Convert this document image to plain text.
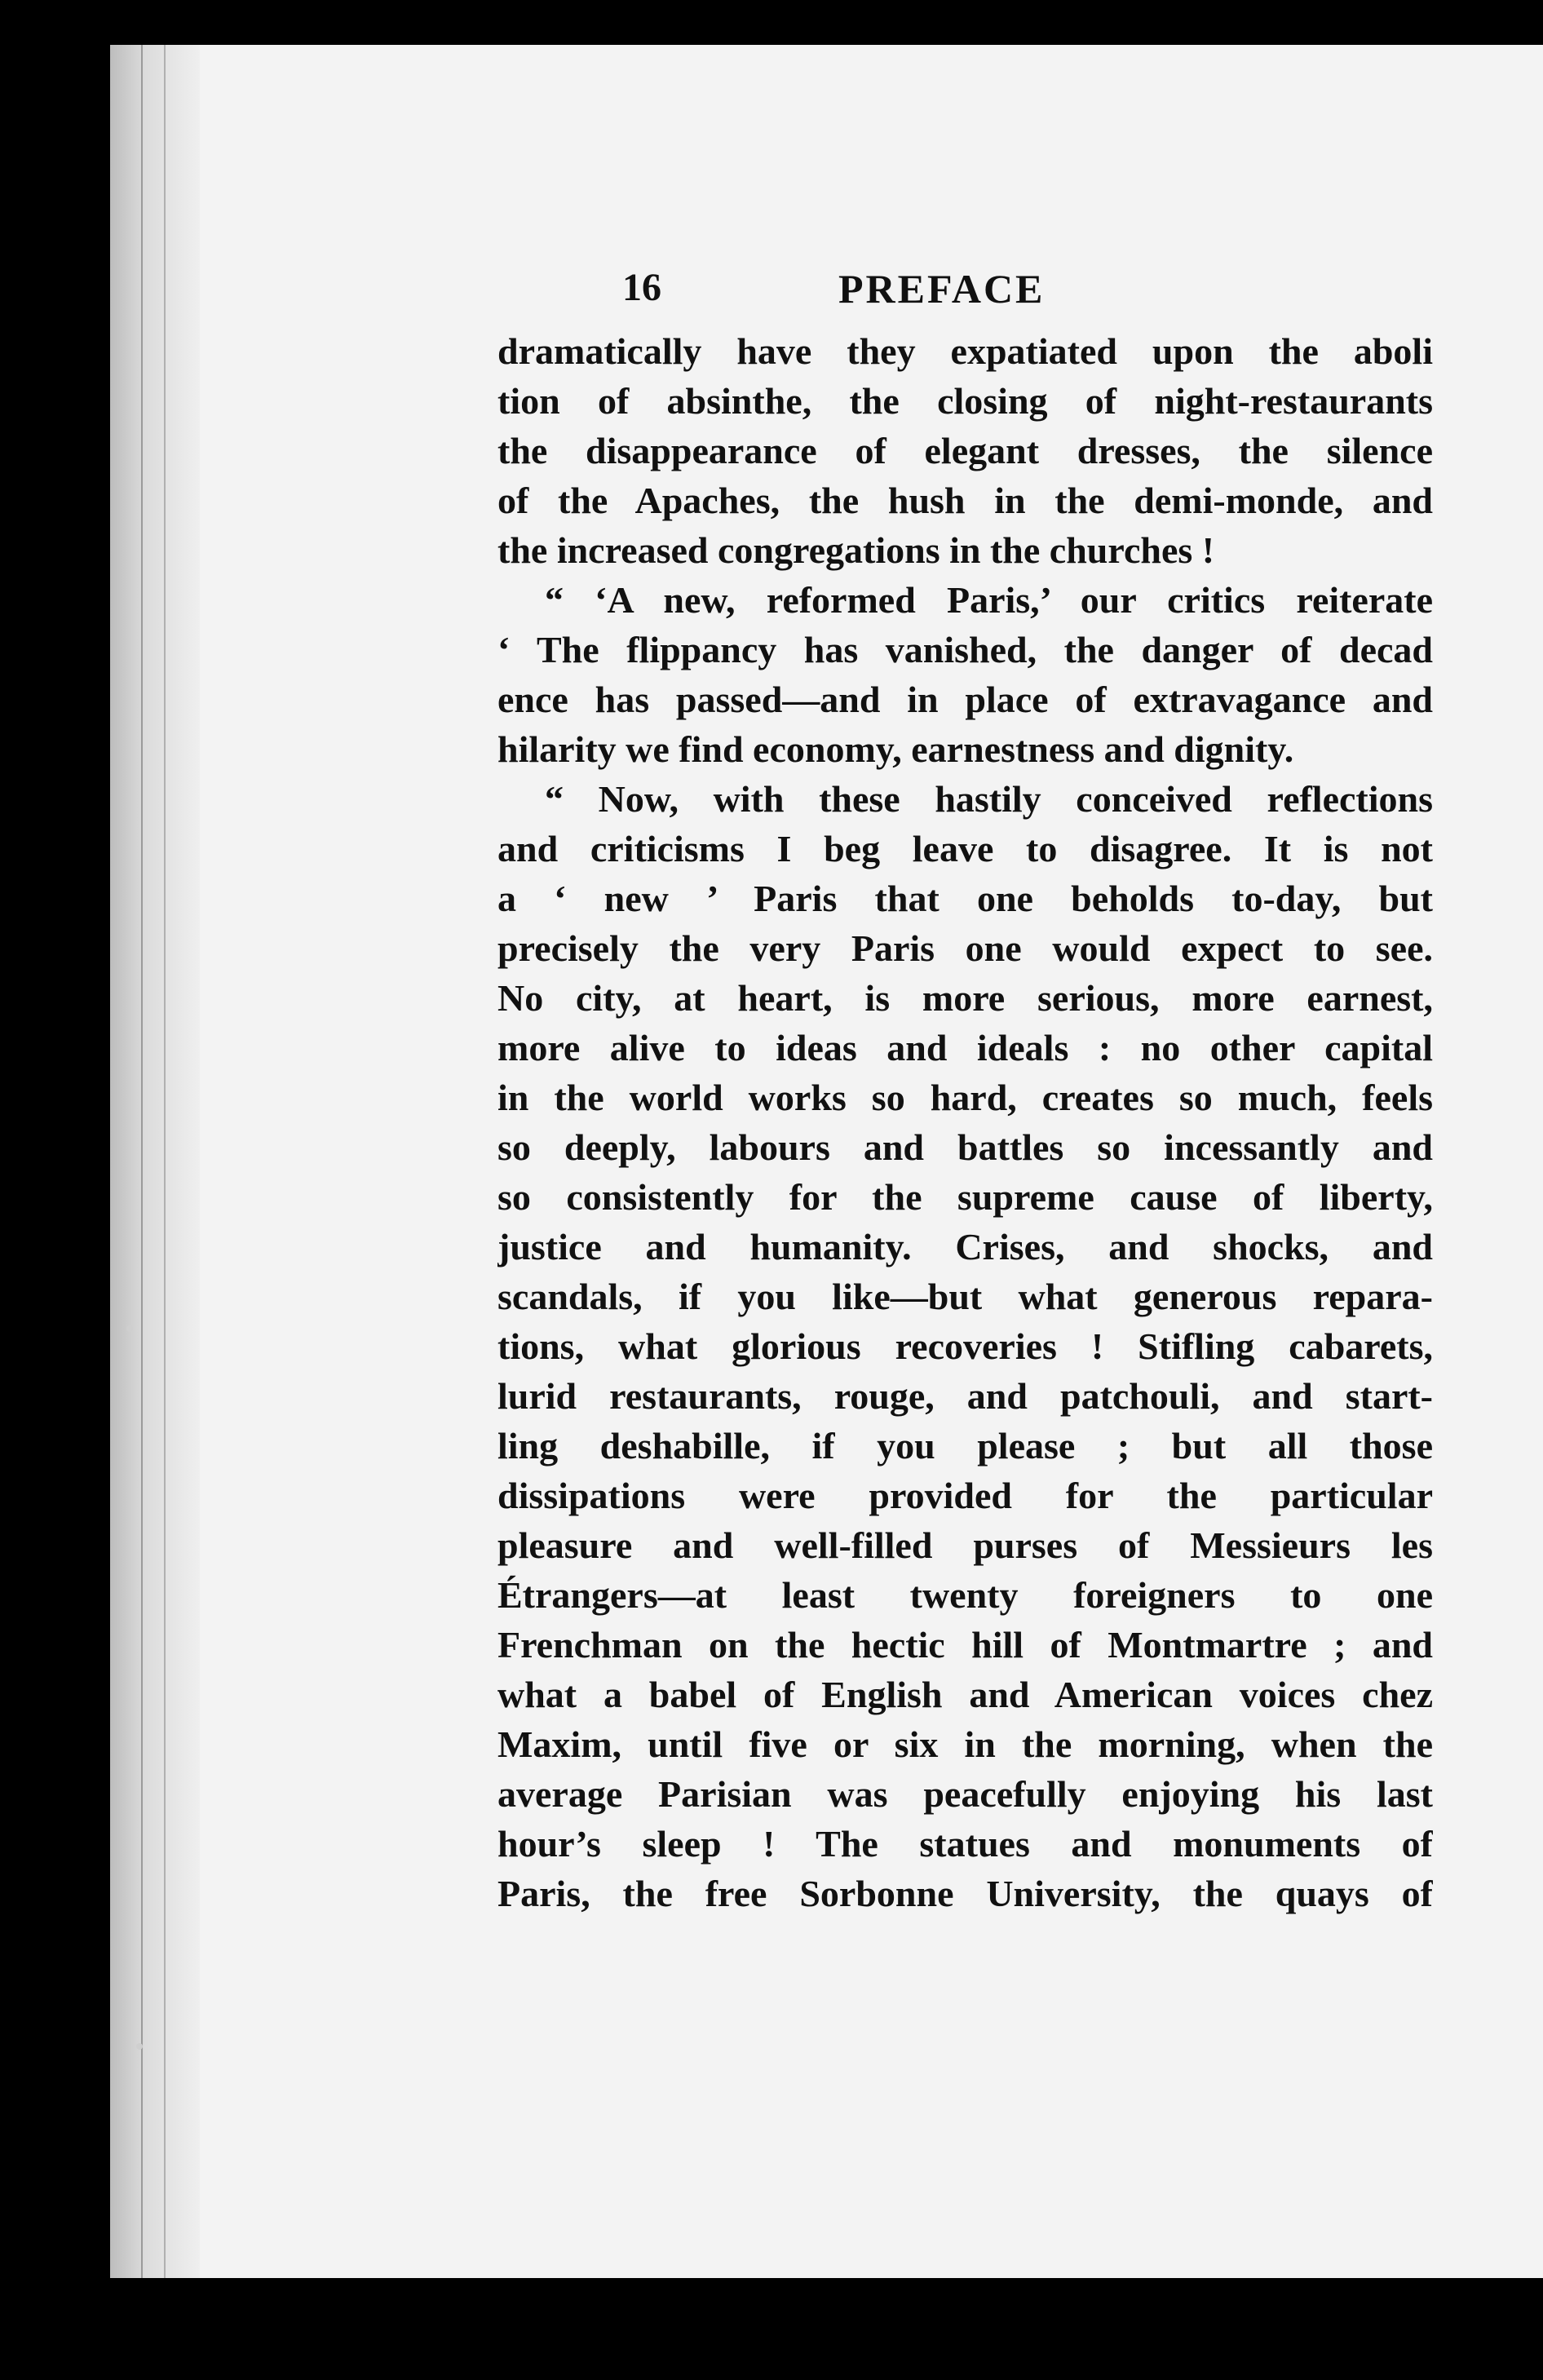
16	PREFACE
dramatically have they expatiated upon the aboli
tion of absinthe, the closing of night-restaurants
the disappearance of elegant dresses, the silence
of the Apaches, the hush in the demi-monde, and
the increased congregations in the churches !
“ ‘A new, reformed Paris,’ our critics reiterate
‘ The flippancy has vanished, the danger of decad
ence has passed—and in place of extravagance and
hilarity we find economy, earnestness and dignity.
“ Now, with these hastily conceived reflections
and criticisms I beg leave to disagree. It is not
a ‘ new ’ Paris that one beholds to-day, but
precisely the very Paris one would expect to see.
No city, at heart, is more serious, more earnest,
more alive to ideas and ideals : no other capital
in the world works so hard, creates so much, feels
so deeply, labours and battles so incessantly and
so consistently for the supreme cause of liberty,
justice and humanity. Crises, and shocks, and
scandals, if you like—but what generous repara-
tions, what glorious recoveries ! Stifling cabarets,
lurid restaurants, rouge, and patchouli, and start-
ling deshabille, if you please ; but all those
dissipations were provided for the particular
pleasure and well-filled purses of Messieurs les
Étrangers—at least twenty foreigners to one
Frenchman on the hectic hill of Montmartre ; and
what a babel of English and American voices chez
Maxim, until five or six in the morning, when the
average Parisian was peacefully enjoying his last
hour’s sleep ! The statues and monuments of
Paris, the free Sorbonne University, the quays of
